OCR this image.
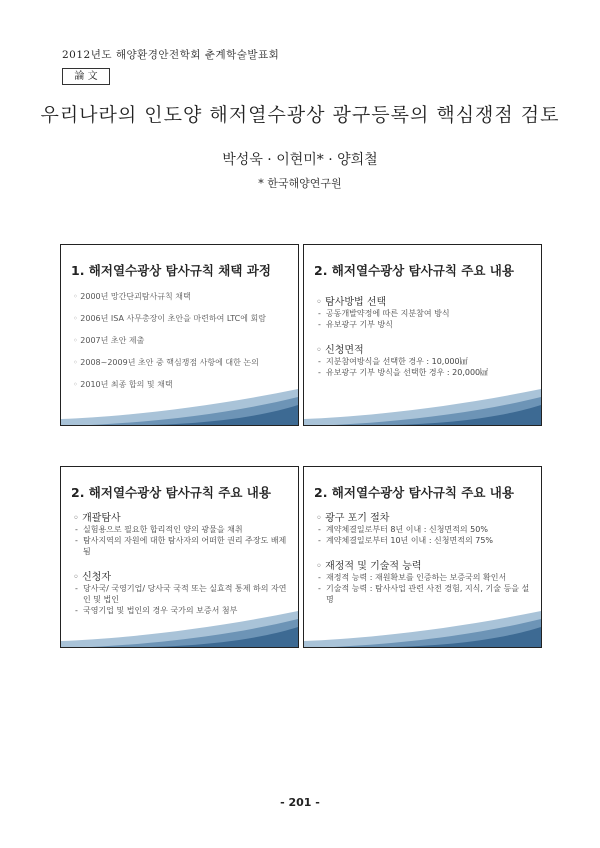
2012년도 해양환경안전학회 춘계학술발표회
論 文
우리나라의 인도양 해저열수광상 광구등록의 핵심쟁점 검토
박성욱 · 이현미* · 양희철
* 한국해양연구원
1. 해저열수광상 탐사규칙 채택 과정
◦ 2000년 망간단괴탐사규칙 채택
◦ 2006년 ISA 사무총장이 초안을 마련하여 LTC에 회람
◦ 2007년 초안 제출
◦ 2008~2009년 초안 중 핵심쟁점 사항에 대한 논의
◦ 2010년 최종 합의 및 채택
2. 해저열수광상 탐사규칙 주요 내용
◦ 탐사방법 선택
- 공동개발약정에 따른 지분참여 방식
- 유보광구 기부 방식
◦ 신청면적
- 지분참여방식을 선택한 경우 : 10,000㎢
- 유보광구 기부 방식을 선택한 경우 : 20,000㎢
2. 해저열수광상 탐사규칙 주요 내용
◦ 개괄탐사
- 실험용으로 필요한 합리적인 양의 광물을 채취
- 탐사지역의 자원에 대한 탐사자의 어떠한 권리 주장도 배제됨
◦ 신청자
- 당사국/ 국영기업/ 당사국 국적 또는 실효적 통제 하의 자연인 및 법인
- 국영기업 및 법인의 경우 국가의 보증서 첨부
2. 해저열수광상 탐사규칙 주요 내용
◦ 광구 포기 절차
- 계약체결일로부터 8년 이내 : 신청면적의 50%
- 계약체결일로부터 10년 이내 : 신청면적의 75%
◦ 재정적 및 기술적 능력
- 재정적 능력 : 재원확보를 인증하는 보증국의 확인서
- 기술적 능력 : 탐사사업 관련 사전 경험, 지식, 기술 등을 설명
- 201 -
